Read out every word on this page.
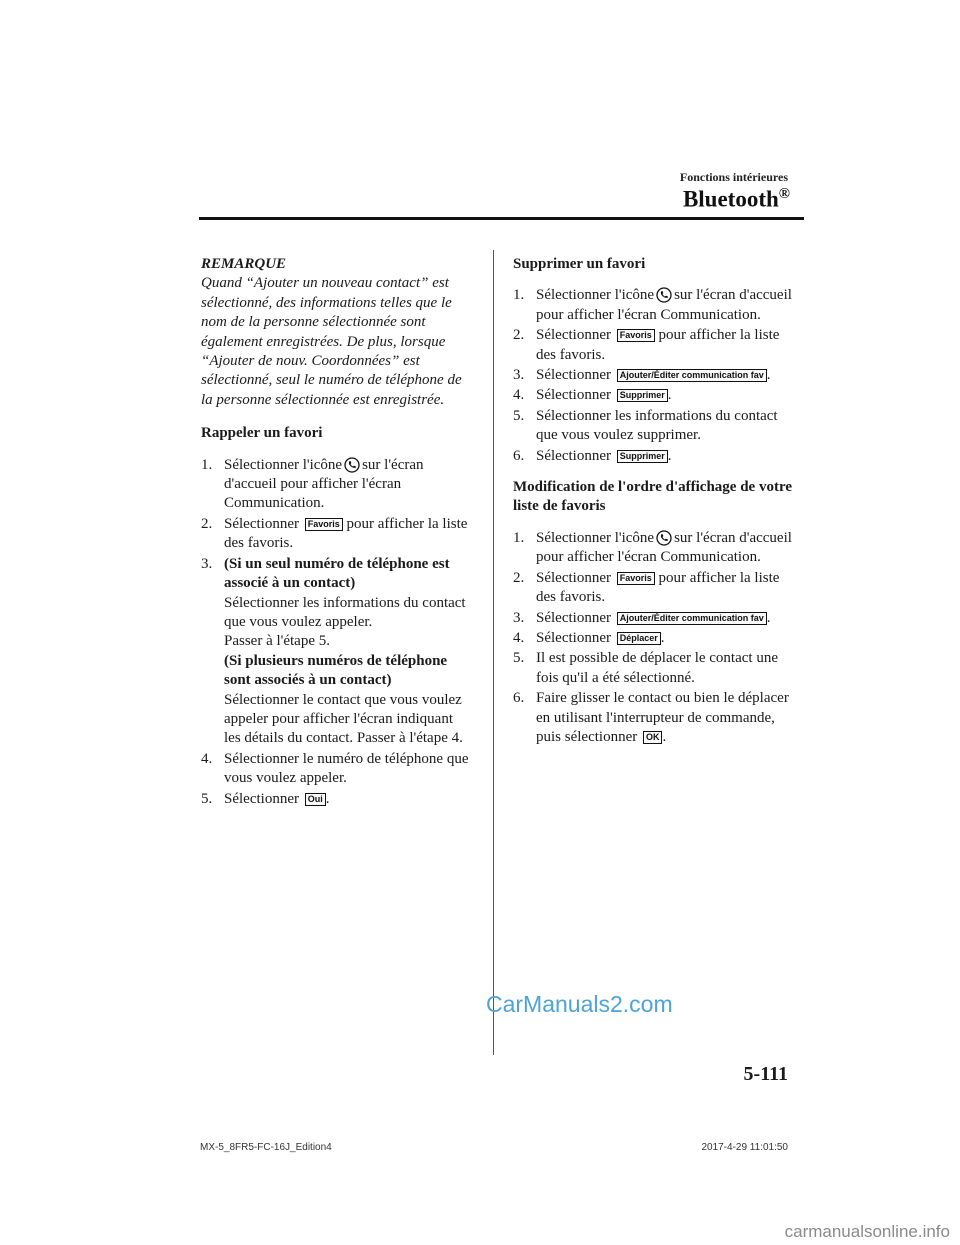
Fonctions intérieures
Bluetooth®
REMARQUE
Quand “Ajouter un nouveau contact” est sélectionné, des informations telles que le nom de la personne sélectionnée sont également enregistrées. De plus, lorsque “Ajouter de nouv. Coordonnées” est sélectionné, seul le numéro de téléphone de la personne sélectionnée est enregistrée.
Rappeler un favori
1. Sélectionner l'icône sur l'écran d'accueil pour afficher l'écran Communication.
2. Sélectionner Favoris pour afficher la liste des favoris.
3. (Si un seul numéro de téléphone est associé à un contact)
Sélectionner les informations du contact que vous voulez appeler.
Passer à l'étape 5.
(Si plusieurs numéros de téléphone sont associés à un contact)
Sélectionner le contact que vous voulez appeler pour afficher l'écran indiquant les détails du contact. Passer à l'étape 4.
4. Sélectionner le numéro de téléphone que vous voulez appeler.
5. Sélectionner Oui .
Supprimer un favori
1. Sélectionner l'icône sur l'écran d'accueil pour afficher l'écran Communication.
2. Sélectionner Favoris pour afficher la liste des favoris.
3. Sélectionner Ajouter/Éditer communication fav .
4. Sélectionner Supprimer .
5. Sélectionner les informations du contact que vous voulez supprimer.
6. Sélectionner Supprimer .
Modification de l'ordre d'affichage de votre liste de favoris
1. Sélectionner l'icône sur l'écran d'accueil pour afficher l'écran Communication.
2. Sélectionner Favoris pour afficher la liste des favoris.
3. Sélectionner Ajouter/Éditer communication fav .
4. Sélectionner Déplacer .
5. Il est possible de déplacer le contact une fois qu'il a été sélectionné.
6. Faire glisser le contact ou bien le déplacer en utilisant l'interrupteur de commande, puis sélectionner OK .
CarManuals2.com
5-111
MX-5_8FR5-FC-16J_Edition4	2017-4-29 11:01:50
carmanualsonline.info
